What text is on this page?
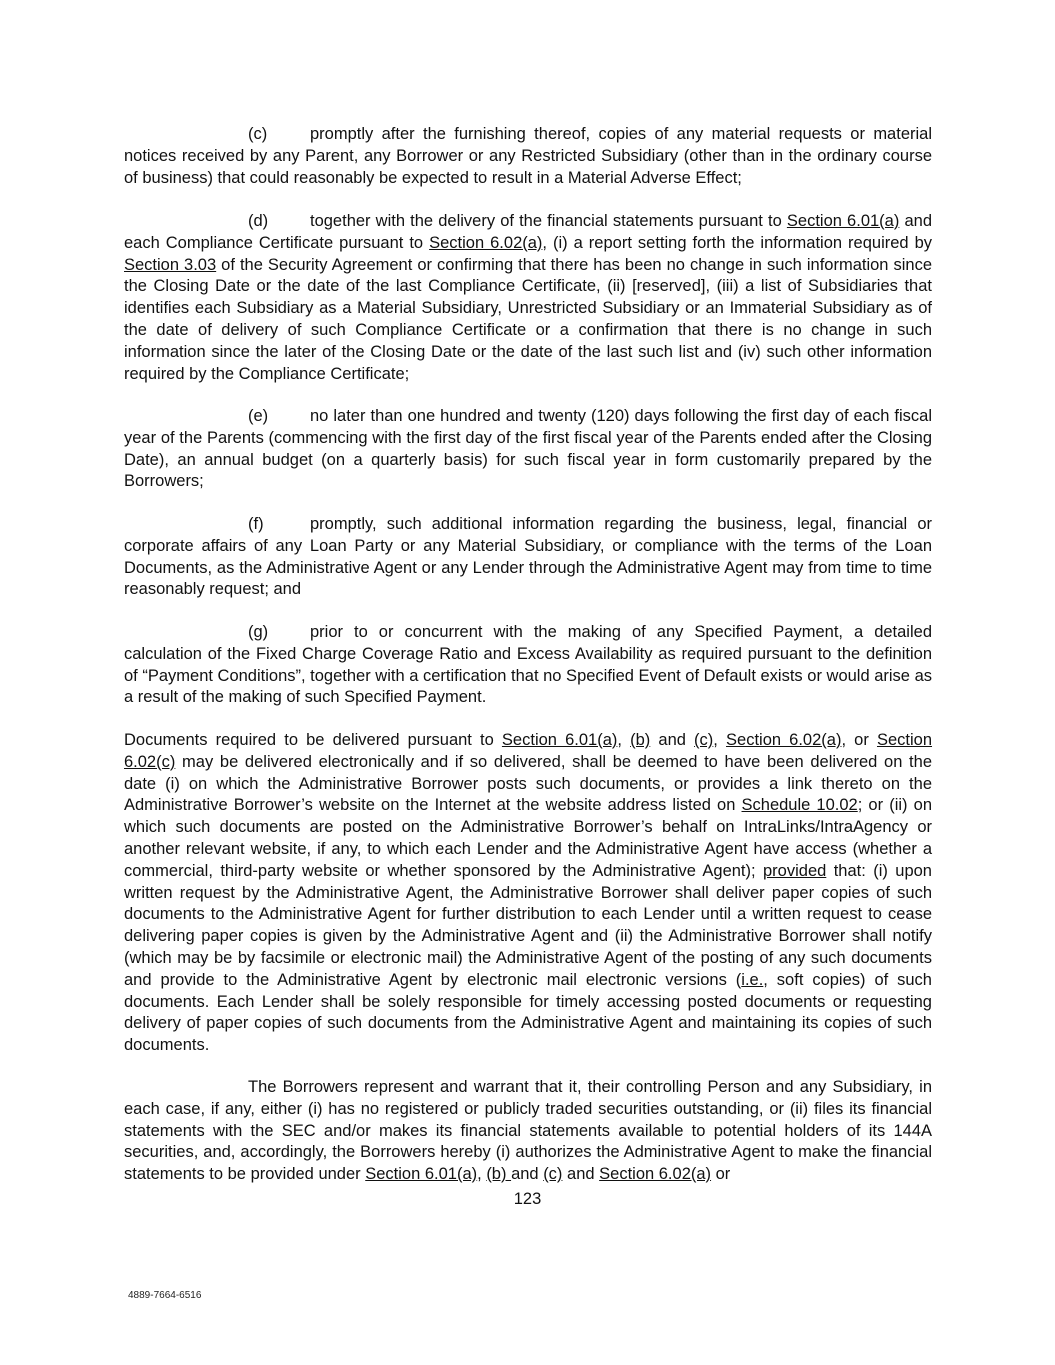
(c)	promptly after the furnishing thereof, copies of any material requests or material notices received by any Parent, any Borrower or any Restricted Subsidiary (other than in the ordinary course of business) that could reasonably be expected to result in a Material Adverse Effect;

(d)	together with the delivery of the financial statements pursuant to Section 6.01(a) and each Compliance Certificate pursuant to Section 6.02(a), (i) a report setting forth the information required by Section 3.03 of the Security Agreement or confirming that there has been no change in such information since the Closing Date or the date of the last Compliance Certificate, (ii) [reserved], (iii) a list of Subsidiaries that identifies each Subsidiary as a Material Subsidiary, Unrestricted Subsidiary or an Immaterial Subsidiary as of the date of delivery of such Compliance Certificate or a confirmation that there is no change in such information since the later of the Closing Date or the date of the last such list and (iv) such other information required by the Compliance Certificate;

(e)	no later than one hundred and twenty (120) days following the first day of each fiscal year of the Parents (commencing with the first day of the first fiscal year of the Parents ended after the Closing Date), an annual budget (on a quarterly basis) for such fiscal year in form customarily prepared by the Borrowers;

(f)	promptly, such additional information regarding the business, legal, financial or corporate affairs of any Loan Party or any Material Subsidiary, or compliance with the terms of the Loan Documents, as the Administrative Agent or any Lender through the Administrative Agent may from time to time reasonably request; and

(g)	prior to or concurrent with the making of any Specified Payment, a detailed calculation of the Fixed Charge Coverage Ratio and Excess Availability as required pursuant to the definition of “Payment Conditions”, together with a certification that no Specified Event of Default exists or would arise as a result of the making of such Specified Payment.

Documents required to be delivered pursuant to Section 6.01(a), (b) and (c), Section 6.02(a), or Section 6.02(c) may be delivered electronically and if so delivered, shall be deemed to have been delivered on the date (i) on which the Administrative Borrower posts such documents, or provides a link thereto on the Administrative Borrower’s website on the Internet at the website address listed on Schedule 10.02; or (ii) on which such documents are posted on the Administrative Borrower’s behalf on IntraLinks/IntraAgency or another relevant website, if any, to which each Lender and the Administrative Agent have access (whether a commercial, third-party website or whether sponsored by the Administrative Agent); provided that: (i) upon written request by the Administrative Agent, the Administrative Borrower shall deliver paper copies of such documents to the Administrative Agent for further distribution to each Lender until a written request to cease delivering paper copies is given by the Administrative Agent and (ii) the Administrative Borrower shall notify (which may be by facsimile or electronic mail) the Administrative Agent of the posting of any such documents and provide to the Administrative Agent by electronic mail electronic versions (i.e., soft copies) of such documents. Each Lender shall be solely responsible for timely accessing posted documents or requesting delivery of paper copies of such documents from the Administrative Agent and maintaining its copies of such documents.

The Borrowers represent and warrant that it, their controlling Person and any Subsidiary, in each case, if any, either (i) has no registered or publicly traded securities outstanding, or (ii) files its financial statements with the SEC and/or makes its financial statements available to potential holders of its 144A securities, and, accordingly, the Borrowers hereby (i) authorizes the Administrative Agent to make the financial statements to be provided under Section 6.01(a), (b) and (c) and Section 6.02(a) or

123
4889-7664-6516
